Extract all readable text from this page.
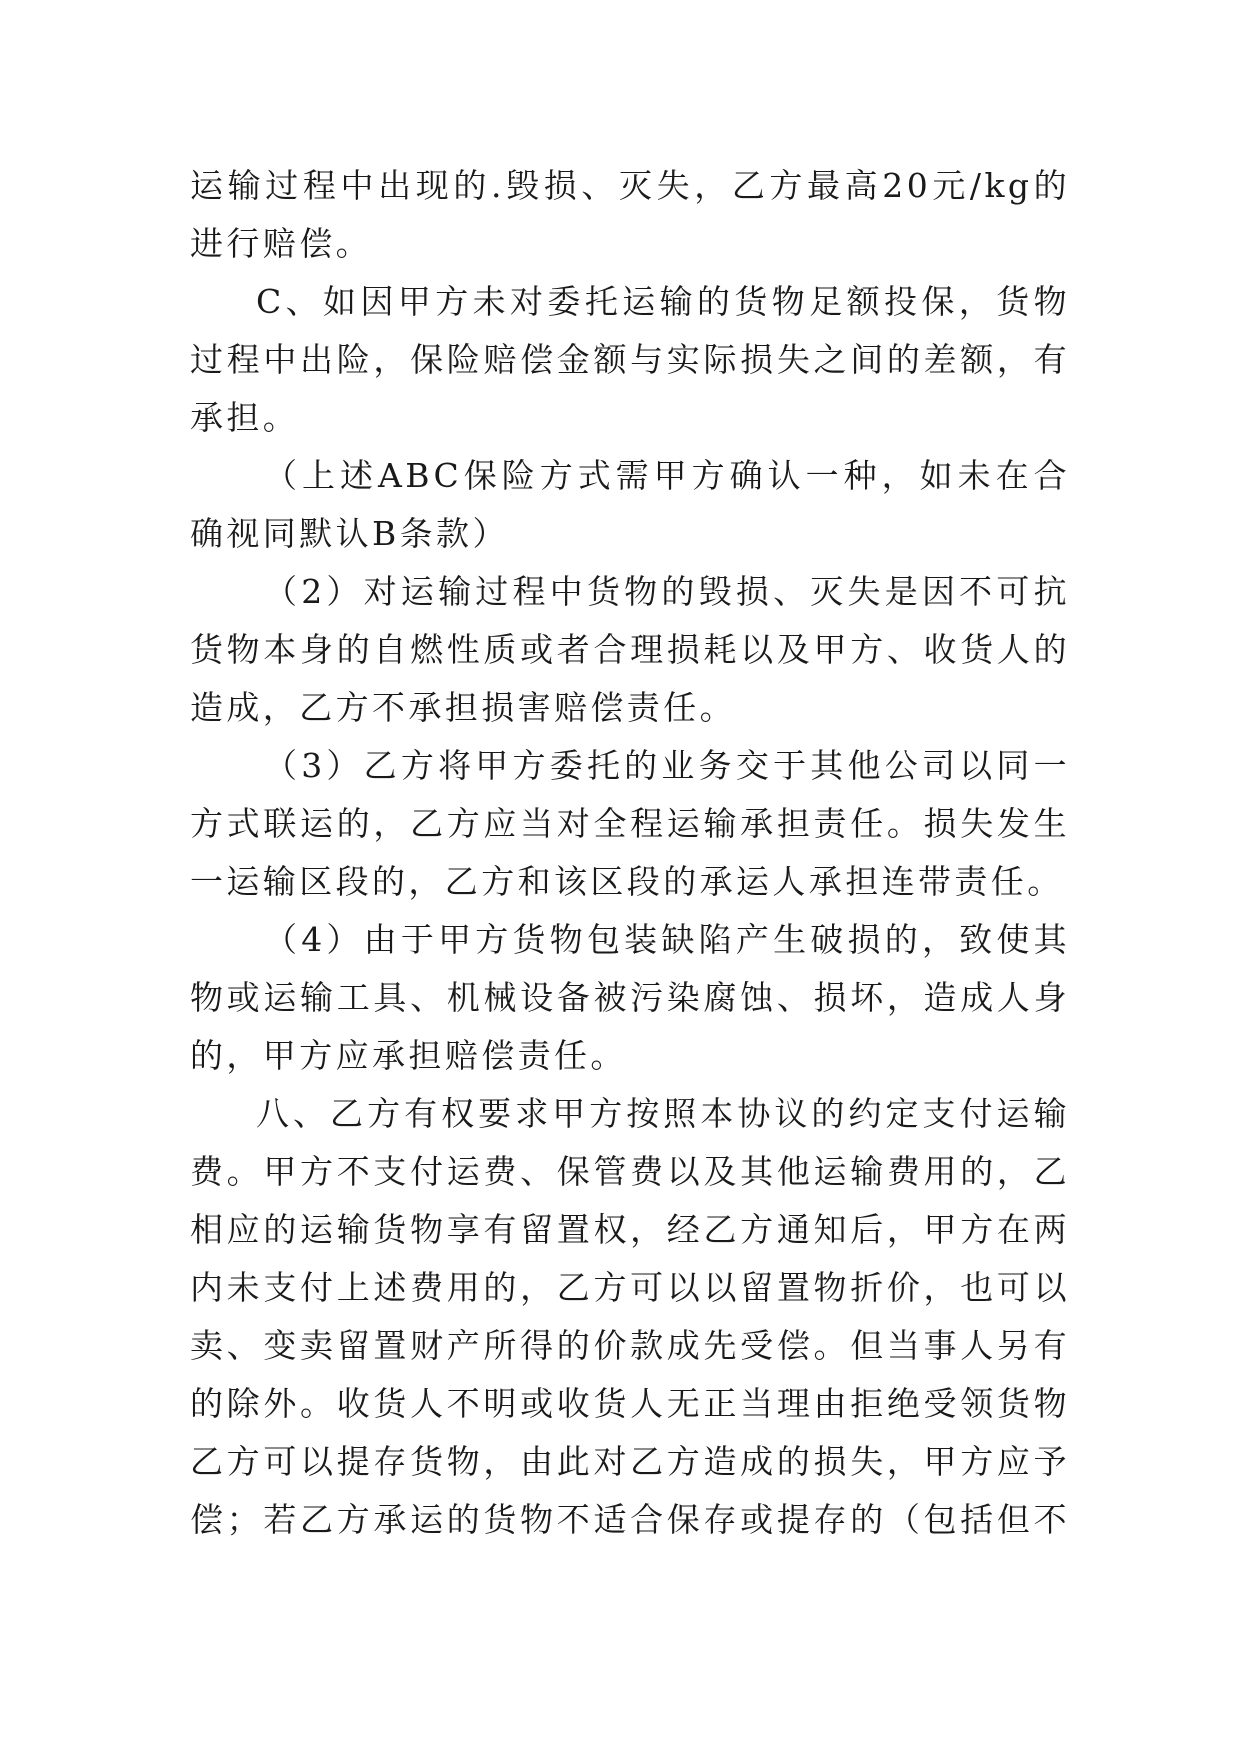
运输过程中出现的.毁损、灭失，乙方最高20元/kg的
进行赔偿。
C、如因甲方未对委托运输的货物足额投保，货物
过程中出险，保险赔偿金额与实际损失之间的差额，有
承担。
（上述ABC保险方式需甲方确认一种，如未在合
确视同默认B条款）
（2）对运输过程中货物的毁损、灭失是因不可抗
货物本身的自燃性质或者合理损耗以及甲方、收货人的
造成，乙方不承担损害赔偿责任。
（3）乙方将甲方委托的业务交于其他公司以同一
方式联运的，乙方应当对全程运输承担责任。损失发生
一运输区段的，乙方和该区段的承运人承担连带责任。
（4）由于甲方货物包装缺陷产生破损的，致使其
物或运输工具、机械设备被污染腐蚀、损坏，造成人身
的，甲方应承担赔偿责任。
八、乙方有权要求甲方按照本协议的约定支付运输
费。甲方不支付运费、保管费以及其他运输费用的，乙
相应的运输货物享有留置权，经乙方通知后，甲方在两
内未支付上述费用的，乙方可以以留置物折价，也可以
卖、变卖留置财产所得的价款成先受偿。但当事人另有
的除外。收货人不明或收货人无正当理由拒绝受领货物
乙方可以提存货物，由此对乙方造成的损失，甲方应予
偿；若乙方承运的货物不适合保存或提存的（包括但不
